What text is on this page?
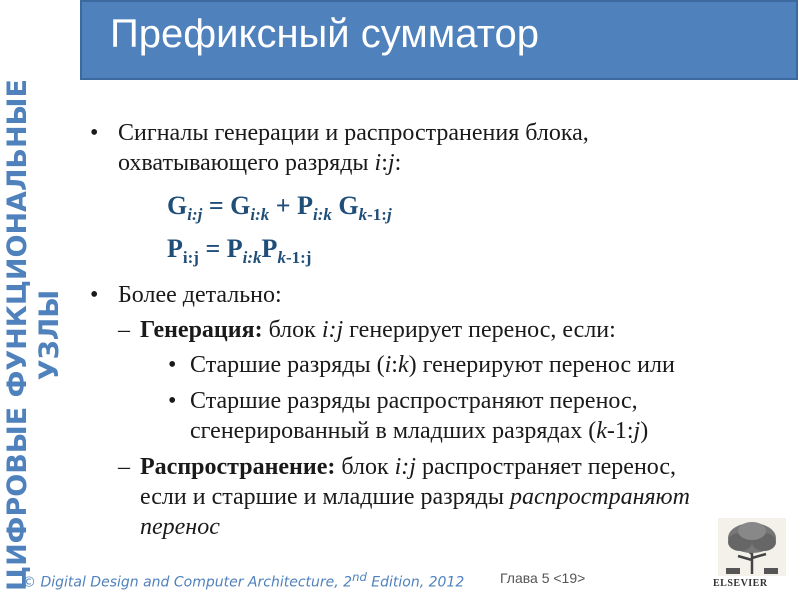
Префиксный сумматор
ЦИФРОВЫЕ ФУНКЦИОНАЛЬНЫЕ УЗЛЫ
• Сигналы генерации и распространения блока,
охватывающего разряды i:j:
• Более детально:
– Генерация: блок i:j генерирует перенос, если:
• Старшие разряды (i:k) генерируют перенос или
• Старшие разряды распространяют перенос,
сгенерированный в младших разрядах (k-1:j)
– Распространение: блок i:j распространяет перенос,
если и старшие и младшие разряды распространяют
перенос
$G_{i:j} = G_{i:k} + P_{i:k}$ $G_{k-1:j}$
$P_{i:j} = P_{i:k}P_{k-1:j}$
© Digital Design and Computer Architecture, 2nd Edition, 2012	Глава 5 <19>	ELSEVIER
